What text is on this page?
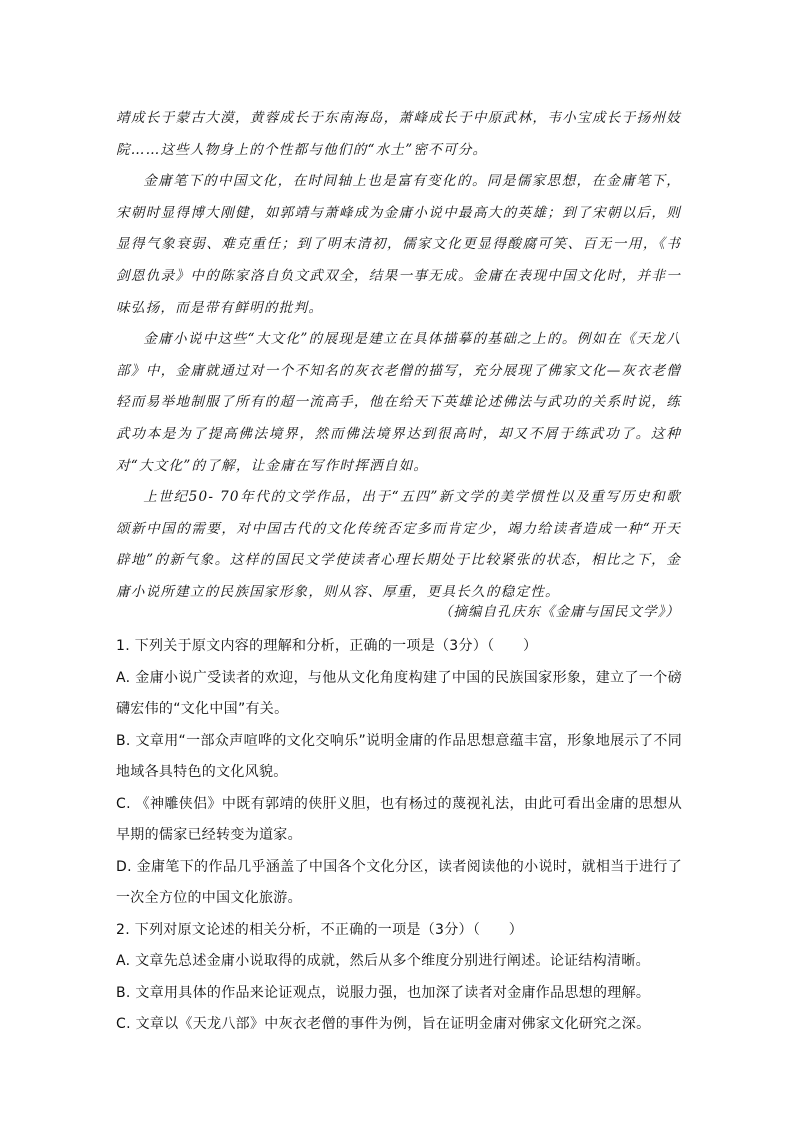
靖成长于蒙古大漠，黄蓉成长于东南海岛，萧峰成长于中原武林，韦小宝成长于扬州妓院……这些人物身上的个性都与他们的“水土”密不可分。

金庸笔下的中国文化，在时间轴上也是富有变化的。同是儒家思想，在金庸笔下，宋朝时显得博大刚健，如郭靖与萧峰成为金庸小说中最高大的英雄；到了宋朝以后，则显得气象衰弱、难克重任；到了明末清初，儒家文化更显得酸腐可笑、百无一用，《书剑恩仇录》中的陈家洛自负文武双全，结果一事无成。金庸在表现中国文化时，并非一味弘扬，而是带有鲜明的批判。

金庸小说中这些“大文化”的展现是建立在具体描摹的基础之上的。例如在《天龙八部》中，金庸就通过对一个不知名的灰衣老僧的描写，充分展现了佛家文化—灰衣老僧轻而易举地制服了所有的超一流高手，他在给天下英雄论述佛法与武功的关系时说，练武功本是为了提高佛法境界，然而佛法境界达到很高时，却又不屑于练武功了。这种对“大文化”的了解，让金庸在写作时挥洒自如。

上世纪50- 70年代的文学作品，出于“五四”新文学的美学惯性以及重写历史和歌颂新中国的需要，对中国古代的文化传统否定多而肯定少，竭力给读者造成一种“开天辟地”的新气象。这样的国民文学使读者心理长期处于比较紧张的状态，相比之下，金庸小说所建立的民族国家形象，则从容、厚重，更具长久的稳定性。

（摘编自孔庆东《金庸与国民文学》）

1. 下列关于原文内容的理解和分析，正确的一项是（3分）（　　）

A. 金庸小说广受读者的欢迎，与他从文化角度构建了中国的民族国家形象，建立了一个磅礴宏伟的“文化中国”有关。

B. 文章用“一部众声喧哗的文化交响乐”说明金庸的作品思想意蕴丰富，形象地展示了不同地域各具特色的文化风貌。

C. 《神雕侠侣》中既有郭靖的侠肝义胆，也有杨过的蔑视礼法，由此可看出金庸的思想从早期的儒家已经转变为道家。

D. 金庸笔下的作品几乎涵盖了中国各个文化分区，读者阅读他的小说时，就相当于进行了一次全方位的中国文化旅游。

2. 下列对原文论述的相关分析，不正确的一项是（3分）（　　）

A. 文章先总述金庸小说取得的成就，然后从多个维度分别进行阐述。论证结构清晰。

B. 文章用具体的作品来论证观点，说服力强，也加深了读者对金庸作品思想的理解。

C. 文章以《天龙八部》中灰衣老僧的事件为例，旨在证明金庸对佛家文化研究之深。
